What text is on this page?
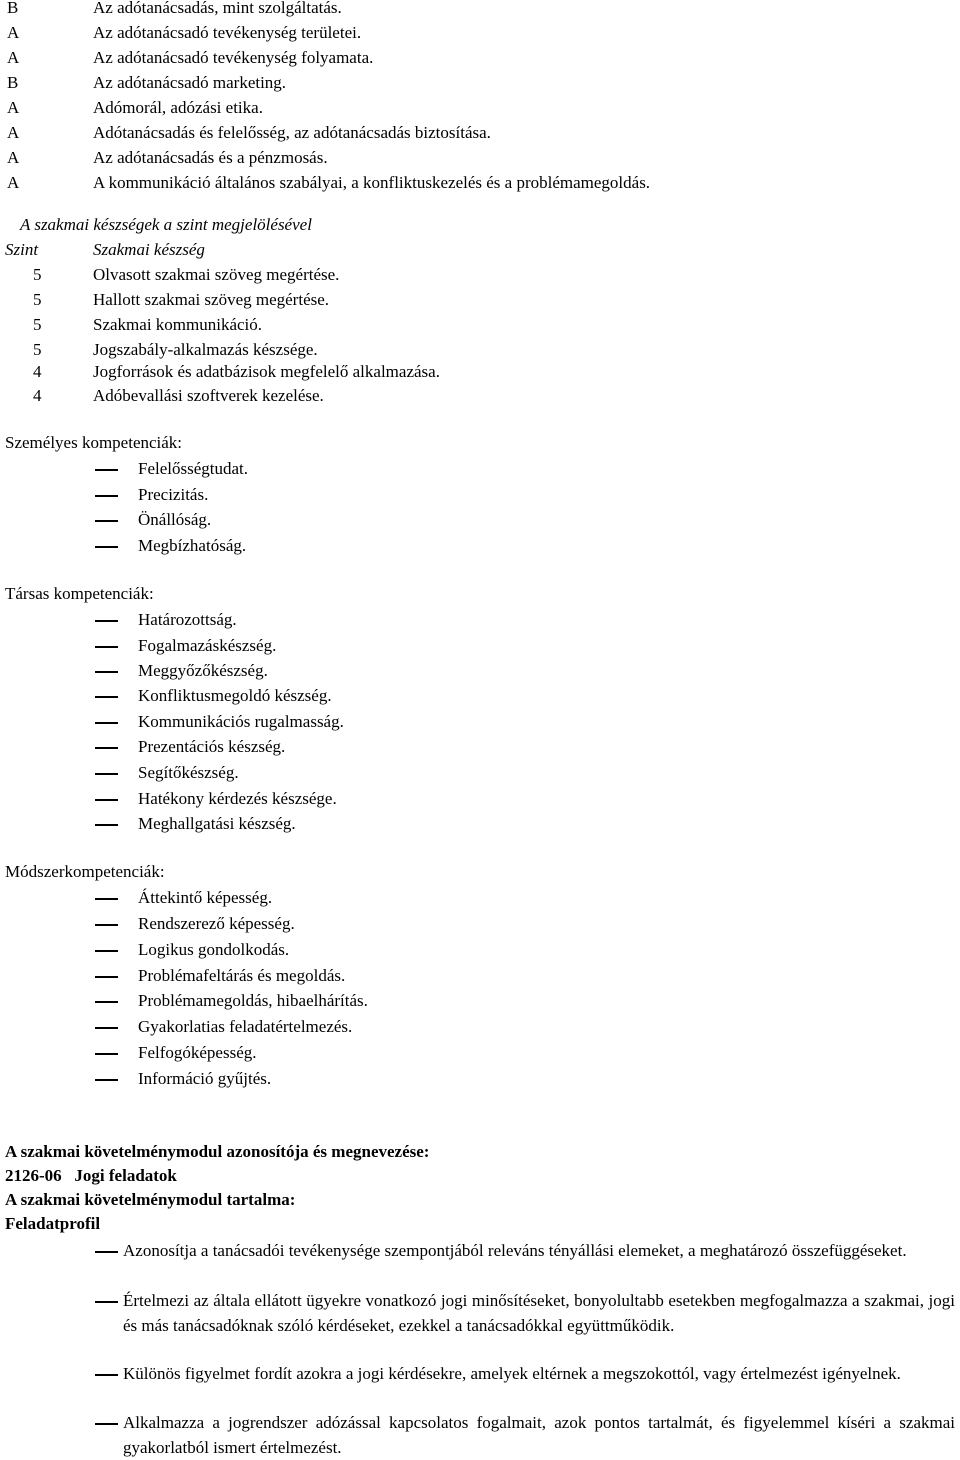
B	Az adótanácsadás, mint szolgáltatás.
A	Az adótanácsadó tevékenység területei.
A	Az adótanácsadó tevékenység folyamata.
B	Az adótanácsadó marketing.
A	Adómorál, adózási etika.
A	Adótanácsadás és felelősség, az adótanácsadás biztosítása.
A	Az adótanácsadás és a pénzmosás.
A	A kommunikáció általános szabályai, a konfliktuskezelés és a problémamegoldás.
A szakmai készségek a szint megjelölésével
Szint	Szakmai készség
5	Olvasott szakmai szöveg megértése.
5	Hallott szakmai szöveg megértése.
5	Szakmai kommunikáció.
5	Jogszabály-alkalmazás készsége.
4	Jogforrások és adatbázisok megfelelő alkalmazása.
4	Adóbevallási szoftverek kezelése.
Személyes kompetenciák:
Felelősségtudat.
Precizitás.
Önállóság.
Megbízhatóság.
Társas kompetenciák:
Határozottság.
Fogalmazáskészség.
Meggyőzőkészség.
Konfliktusmegoldó készség.
Kommunikációs rugalmasság.
Prezentációs készség.
Segítőkészség.
Hatékony kérdezés készsége.
Meghallgatási készség.
Módszerkompetenciák:
Áttekintő képesség.
Rendszerező képesség.
Logikus gondolkodás.
Problémafeltárás és megoldás.
Problémamegoldás, hibaelhárítás.
Gyakorlatias feladatértelmezés.
Felfogóképesség.
Információ gyűjtés.
A szakmai követelménymodul azonosítója és megnevezése:
2126-06   Jogi feladatok
A szakmai követelménymodul tartalma:
Feladatprofil
Azonosítja a tanácsadói tevékenysége szempontjából releváns tényállási elemeket, a meghatározó összefüggéseket.
Értelmezi az általa ellátott ügyekre vonatkozó jogi minősítéseket, bonyolultabb esetekben megfogalmazza a szakmai, jogi és más tanácsadóknak szóló kérdéseket, ezekkel a tanácsadókkal együttműködik.
Különös figyelmet fordít azokra a jogi kérdésekre, amelyek eltérnek a megszokottól, vagy értelmezést igényelnek.
Alkalmazza a jogrendszer adózással kapcsolatos fogalmait, azok pontos tartalmát, és figyelemmel kíséri a szakmai gyakorlatból ismert értelmezést.
